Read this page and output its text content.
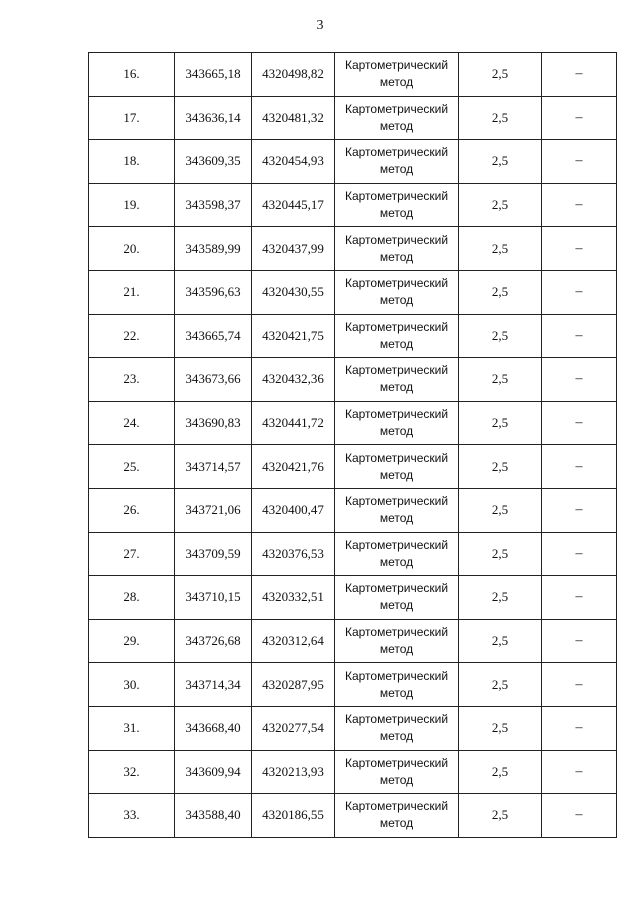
3
16.	343665,18	4320498,82	Картометрический метод	2,5	–
17.	343636,14	4320481,32	Картометрический метод	2,5	–
18.	343609,35	4320454,93	Картометрический метод	2,5	–
19.	343598,37	4320445,17	Картометрический метод	2,5	–
20.	343589,99	4320437,99	Картометрический метод	2,5	–
21.	343596,63	4320430,55	Картометрический метод	2,5	–
22.	343665,74	4320421,75	Картометрический метод	2,5	–
23.	343673,66	4320432,36	Картометрический метод	2,5	–
24.	343690,83	4320441,72	Картометрический метод	2,5	–
25.	343714,57	4320421,76	Картометрический метод	2,5	–
26.	343721,06	4320400,47	Картометрический метод	2,5	–
27.	343709,59	4320376,53	Картометрический метод	2,5	–
28.	343710,15	4320332,51	Картометрический метод	2,5	–
29.	343726,68	4320312,64	Картометрический метод	2,5	–
30.	343714,34	4320287,95	Картометрический метод	2,5	–
31.	343668,40	4320277,54	Картометрический метод	2,5	–
32.	343609,94	4320213,93	Картометрический метод	2,5	–
33.	343588,40	4320186,55	Картометрический метод	2,5	–
